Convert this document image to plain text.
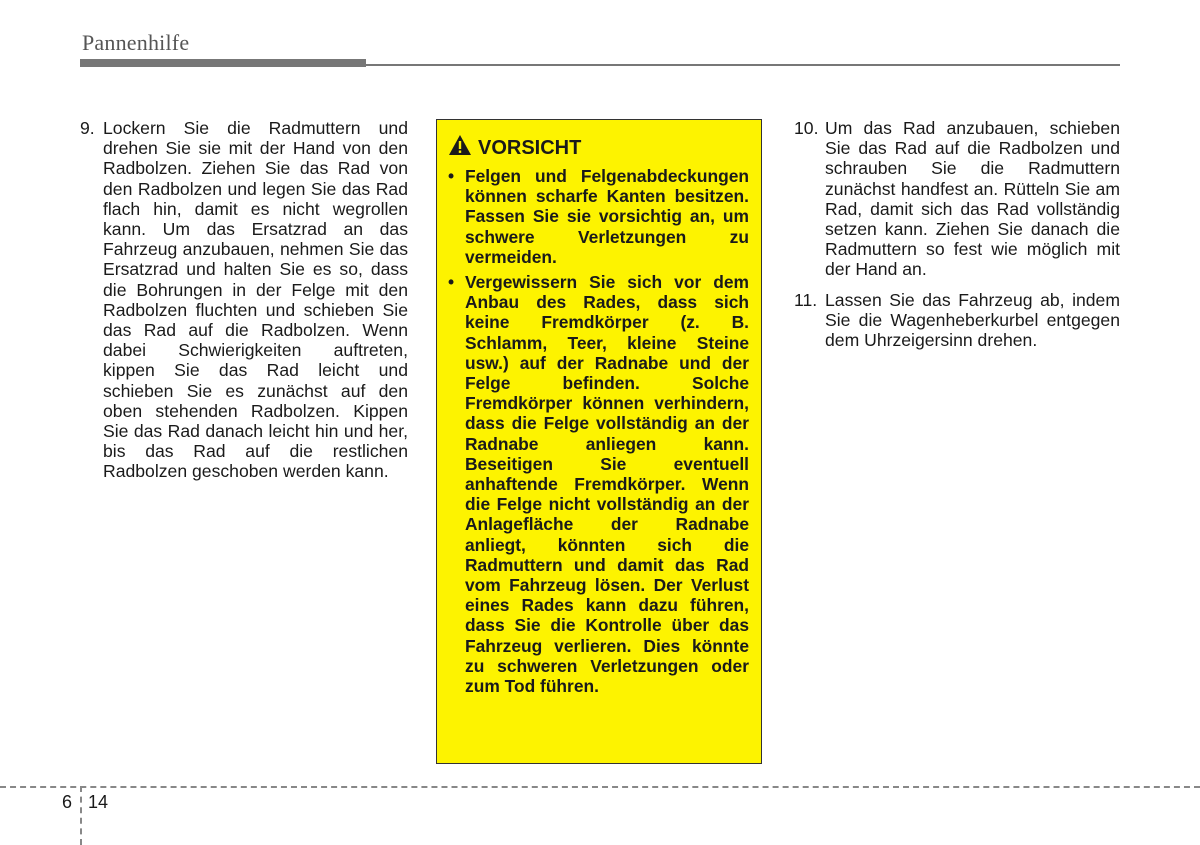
Pannenhilfe
9. Lockern Sie die Radmuttern und drehen Sie sie mit der Hand von den Radbolzen. Ziehen Sie das Rad von den Radbolzen und legen Sie das Rad flach hin, damit es nicht wegrollen kann. Um das Ersatzrad an das Fahrzeug anzubauen, nehmen Sie das Ersatzrad und halten Sie es so, dass die Bohrungen in der Felge mit den Radbolzen fluchten und schieben Sie das Rad auf die Radbolzen. Wenn dabei Schwierigkeiten auftreten, kippen Sie das Rad leicht und schieben Sie es zunächst auf den oben stehenden Radbolzen. Kippen Sie das Rad danach leicht hin und her, bis das Rad auf die restlichen Radbolzen geschoben werden kann.
VORSICHT
• Felgen und Felgenabdeckungen können scharfe Kanten besitzen. Fassen Sie sie vorsichtig an, um schwere Verletzungen zu vermeiden.
• Vergewissern Sie sich vor dem Anbau des Rades, dass sich keine Fremdkörper (z. B. Schlamm, Teer, kleine Steine usw.) auf der Radnabe und der Felge befinden. Solche Fremdkörper können verhindern, dass die Felge vollständig an der Radnabe anliegen kann. Beseitigen Sie eventuell anhaftende Fremdkörper. Wenn die Felge nicht vollständig an der Anlagefläche der Radnabe anliegt, könnten sich die Radmuttern und damit das Rad vom Fahrzeug lösen. Der Verlust eines Rades kann dazu führen, dass Sie die Kontrolle über das Fahrzeug verlieren. Dies könnte zu schweren Verletzungen oder zum Tod führen.
10. Um das Rad anzubauen, schieben Sie das Rad auf die Radbolzen und schrauben Sie die Radmuttern zunächst handfest an. Rütteln Sie am Rad, damit sich das Rad vollständig setzen kann. Ziehen Sie danach die Radmuttern so fest wie möglich mit der Hand an.
11. Lassen Sie das Fahrzeug ab, indem Sie die Wagenheberkurbel entgegen dem Uhrzeigersinn drehen.
6 14
